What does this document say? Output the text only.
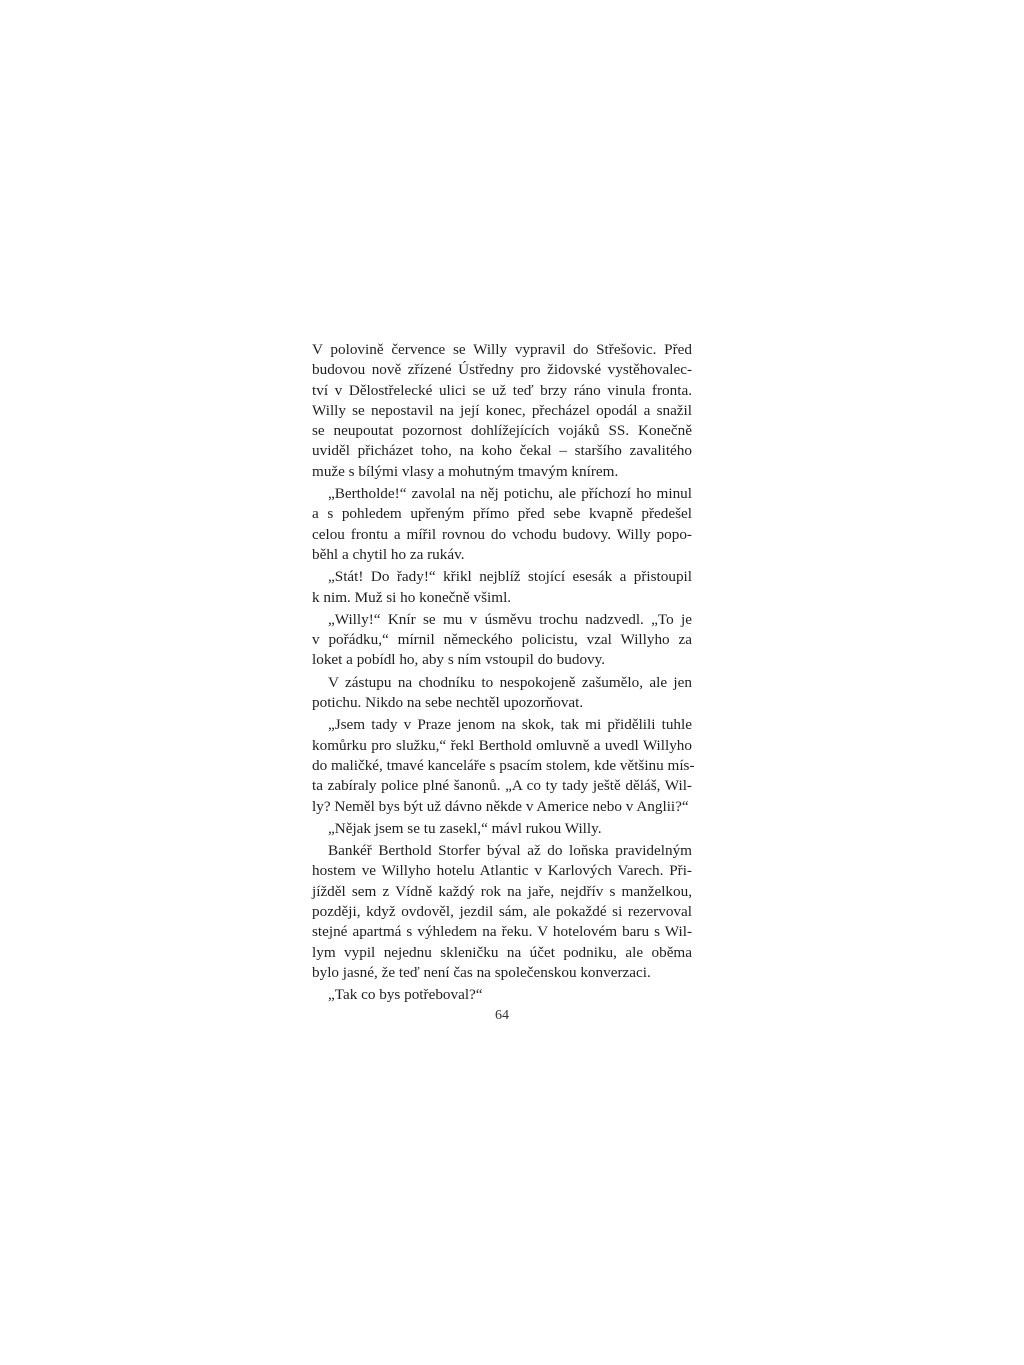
V polovině července se Willy vypravil do Střešovic. Před
budovou nově zřízené Ústředny pro židovské vystěhovalec-
tví v Dělostřelecké ulici se už teď brzy ráno vinula fronta.
Willy se nepostavil na její konec, přecházel opodál a snažil
se neupoutat pozornost dohlížejících vojáků SS. Konečně
uviděl přicházet toho, na koho čekal – staršího zavalitého
muže s bílými vlasy a mohutným tmavým knírem.
„Bertholde!“ zavolal na něj potichu, ale příchozí ho minul
a s pohledem upřeným přímo před sebe kvapně předešel
celou frontu a mířil rovnou do vchodu budovy. Willy popo-
běhl a chytil ho za rukáv.
„Stát! Do řady!“ křikl nejblíž stojící esesák a přistoupil
k nim. Muž si ho konečně všiml.
„Willy!“ Knír se mu v úsměvu trochu nadzvedl. „To je
v pořádku,“ mírnil německého policistu, vzal Willyho za
loket a pobídl ho, aby s ním vstoupil do budovy.
V zástupu na chodníku to nespokojeně zašumělo, ale jen
potichu. Nikdo na sebe nechtěl upozorňovat.
„Jsem tady v Praze jenom na skok, tak mi přidělili tuhle
komůrku pro služku,“ řekl Berthold omluvně a uvedl Willyho
do maličké, tmavé kanceláře s psacím stolem, kde většinu mís-
ta zabíraly police plné šanonů. „A co ty tady ještě děláš, Wil-
ly? Neměl bys být už dávno někde v Americe nebo v Anglii?“
„Nějak jsem se tu zasekl,“ mávl rukou Willy.
Bankéř Berthold Storfer býval až do loňska pravidelným
hostem ve Willyho hotelu Atlantic v Karlových Varech. Při-
jížděl sem z Vídně každý rok na jaře, nejdřív s manželkou,
později, když ovdověl, jezdil sám, ale pokaždé si rezervoval
stejné apartmá s výhledem na řeku. V hotelovém baru s Wil-
lym vypil nejednu skleničku na účet podniku, ale oběma
bylo jasné, že teď není čas na společenskou konverzaci.
„Tak co bys potřeboval?“
64
